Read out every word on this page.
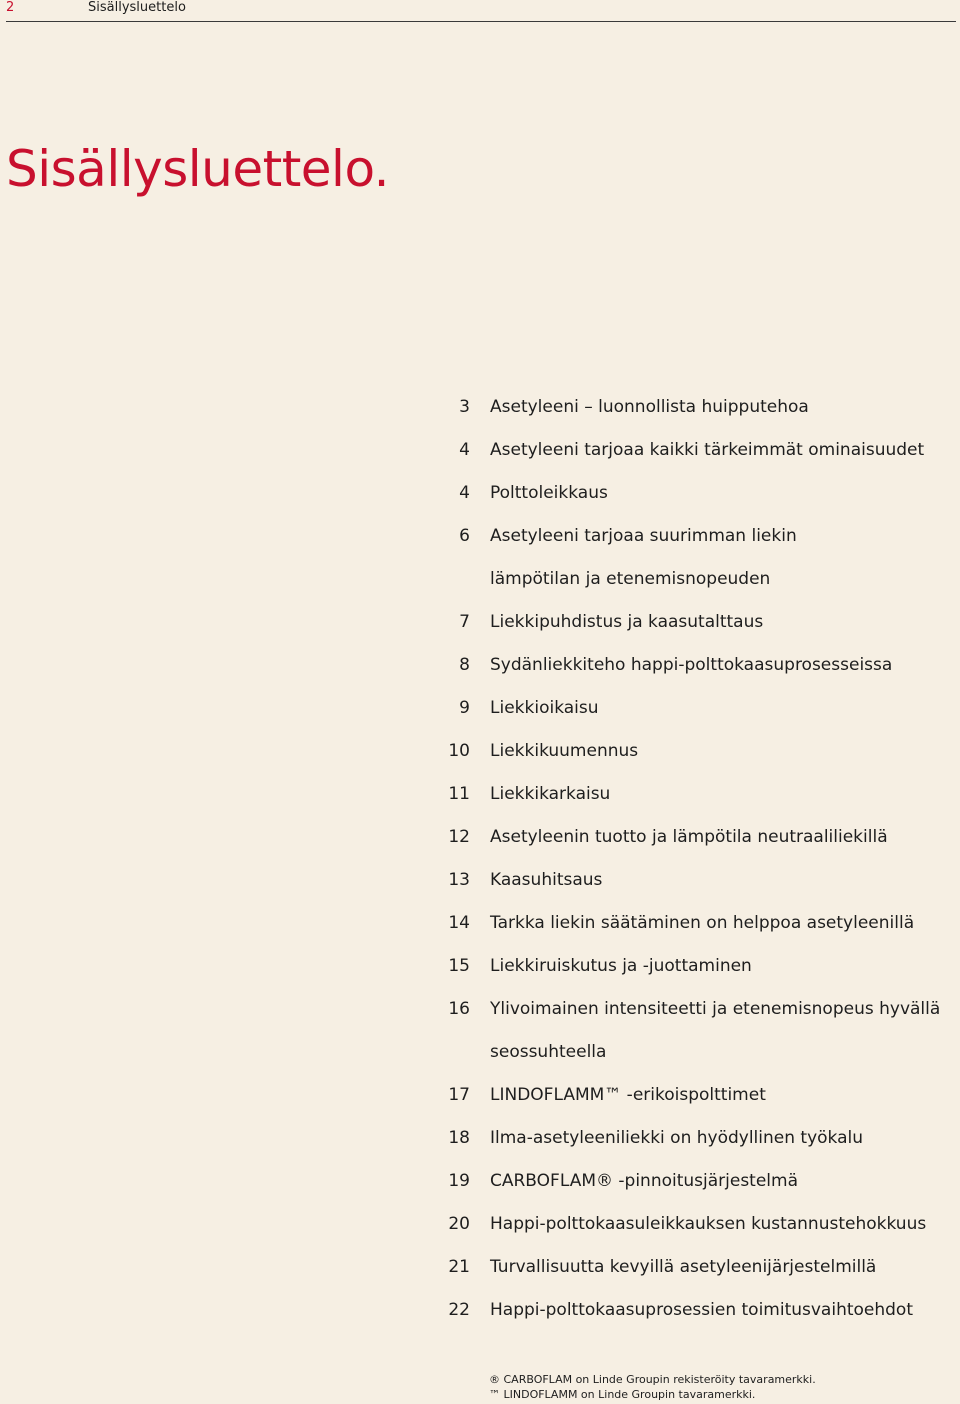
2	Sisällysluettelo
Sisällysluettelo.
3 Asetyleeni – luonnollista huipputehoa
4 Asetyleeni tarjoaa kaikki tärkeimmät ominaisuudet
4 Polttoleikkaus
6 Asetyleeni tarjoaa suurimman liekin
lämpötilan ja etenemisnopeuden
7 Liekkipuhdistus ja kaasutalttaus
8 Sydänliekkiteho happi-polttokaasuprosesseissa
9 Liekkioikaisu
10 Liekkikuumennus
11 Liekkikarkaisu
12 Asetyleenin tuotto ja lämpötila neutraaliliekillä
13 Kaasuhitsaus
14 Tarkka liekin säätäminen on helppoa asetyleenillä
15 Liekkiruiskutus ja -juottaminen
16 Ylivoimainen intensiteetti ja etenemisnopeus hyvällä
seossuhteella
17 LINDOFLAMM™ -erikoispolttimet
18 Ilma-asetyleeniliekki on hyödyllinen työkalu
19 CARBOFLAM® -pinnoitusjärjestelmä
20 Happi-polttokaasuleikkauksen kustannustehokkuus
21 Turvallisuutta kevyillä asetyleenijärjestelmillä
22 Happi-polttokaasuprosessien toimitusvaihtoehdot
® CARBOFLAM on Linde Groupin rekisteröity tavaramerkki.
™ LINDOFLAMM on Linde Groupin tavaramerkki.
